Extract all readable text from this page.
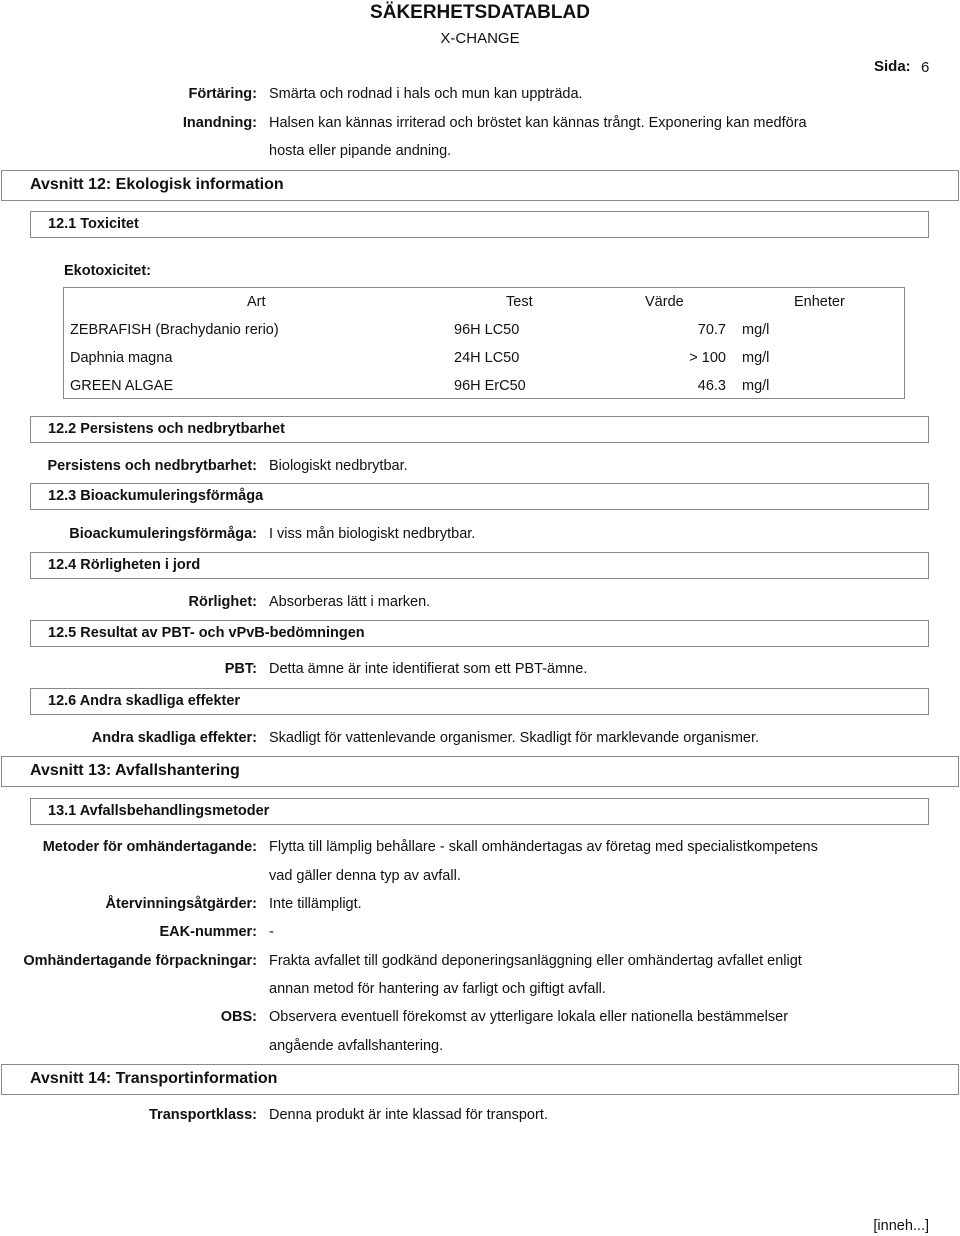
SÄKERHETSDATABLAD
X-CHANGE
Sida: 6
Förtäring: Smärta och rodnad i hals och mun kan uppträda.
Inandning: Halsen kan kännas irriterad och bröstet kan kännas trångt. Exponering kan medföra
hosta eller pipande andning.
Avsnitt 12: Ekologisk information
12.1 Toxicitet
Ekotoxicitet:
Art	Test	Värde	Enheter
ZEBRAFISH (Brachydanio rerio)	96H LC50	70.7 mg/l
Daphnia magna	24H LC50	> 100 mg/l
GREEN ALGAE	96H ErC50	46.3 mg/l
12.2 Persistens och nedbrytbarhet
Persistens och nedbrytbarhet: Biologiskt nedbrytbar.
12.3 Bioackumuleringsförmåga
Bioackumuleringsförmåga: I viss mån biologiskt nedbrytbar.
12.4 Rörligheten i jord
Rörlighet: Absorberas lätt i marken.
12.5 Resultat av PBT- och vPvB-bedömningen
PBT: Detta ämne är inte identifierat som ett PBT-ämne.
12.6 Andra skadliga effekter
Andra skadliga effekter: Skadligt för vattenlevande organismer. Skadligt för marklevande organismer.
Avsnitt 13: Avfallshantering
13.1 Avfallsbehandlingsmetoder
Metoder för omhändertagande: Flytta till lämplig behållare - skall omhändertagas av företag med specialistkompetens
vad gäller denna typ av avfall.
Återvinningsåtgärder: Inte tillämpligt.
EAK-nummer: -
Omhändertagande förpackningar: Frakta avfallet till godkänd deponeringsanläggning eller omhändertag avfallet enligt
annan metod för hantering av farligt och giftigt avfall.
OBS: Observera eventuell förekomst av ytterligare lokala eller nationella bestämmelser
angående avfallshantering.
Avsnitt 14: Transportinformation
Transportklass: Denna produkt är inte klassad för transport.
[inneh...]
